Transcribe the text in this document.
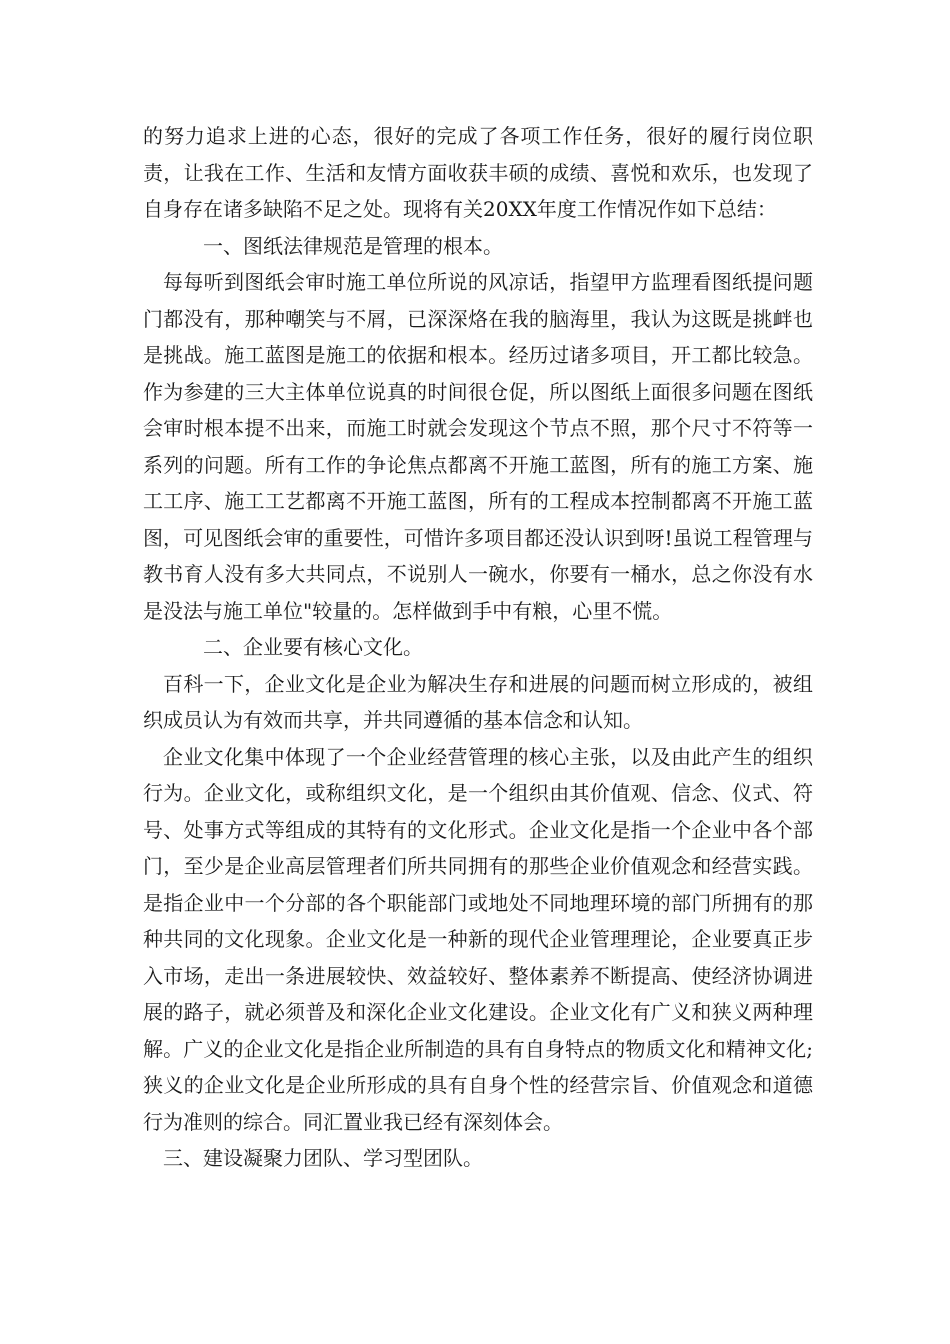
的努力追求上进的心态，很好的完成了各项工作任务，很好的履行岗位职责，让我在工作、生活和友情方面收获丰硕的成绩、喜悦和欢乐，也发现了自身存在诸多缺陷不足之处。现将有关20XX年度工作情况作如下总结：

一、图纸法律规范是管理的根本。

每每听到图纸会审时施工单位所说的风凉话，指望甲方监理看图纸提问题门都没有，那种嘲笑与不屑，已深深烙在我的脑海里，我认为这既是挑衅也是挑战。施工蓝图是施工的依据和根本。经历过诸多项目，开工都比较急。作为参建的三大主体单位说真的时间很仓促，所以图纸上面很多问题在图纸会审时根本提不出来，而施工时就会发现这个节点不照，那个尺寸不符等一系列的问题。所有工作的争论焦点都离不开施工蓝图，所有的施工方案、施工工序、施工工艺都离不开施工蓝图，所有的工程成本控制都离不开施工蓝图，可见图纸会审的重要性，可惜许多项目都还没认识到呀!虽说工程管理与教书育人没有多大共同点，不说别人一碗水，你要有一桶水，总之你没有水是没法与施工单位"较量的。怎样做到手中有粮，心里不慌。

二、企业要有核心文化。

百科一下，企业文化是企业为解决生存和进展的问题而树立形成的，被组织成员认为有效而共享，并共同遵循的基本信念和认知。

企业文化集中体现了一个企业经营管理的核心主张，以及由此产生的组织行为。企业文化，或称组织文化，是一个组织由其价值观、信念、仪式、符号、处事方式等组成的其特有的文化形式。企业文化是指一个企业中各个部门，至少是企业高层管理者们所共同拥有的那些企业价值观念和经营实践。是指企业中一个分部的各个职能部门或地处不同地理环境的部门所拥有的那种共同的文化现象。企业文化是一种新的现代企业管理理论，企业要真正步入市场，走出一条进展较快、效益较好、整体素养不断提高、使经济协调进展的路子，就必须普及和深化企业文化建设。企业文化有广义和狭义两种理解。广义的企业文化是指企业所制造的具有自身特点的物质文化和精神文化;狭义的企业文化是企业所形成的具有自身个性的经营宗旨、价值观念和道德行为准则的综合。同汇置业我已经有深刻体会。

三、建设凝聚力团队、学习型团队。
